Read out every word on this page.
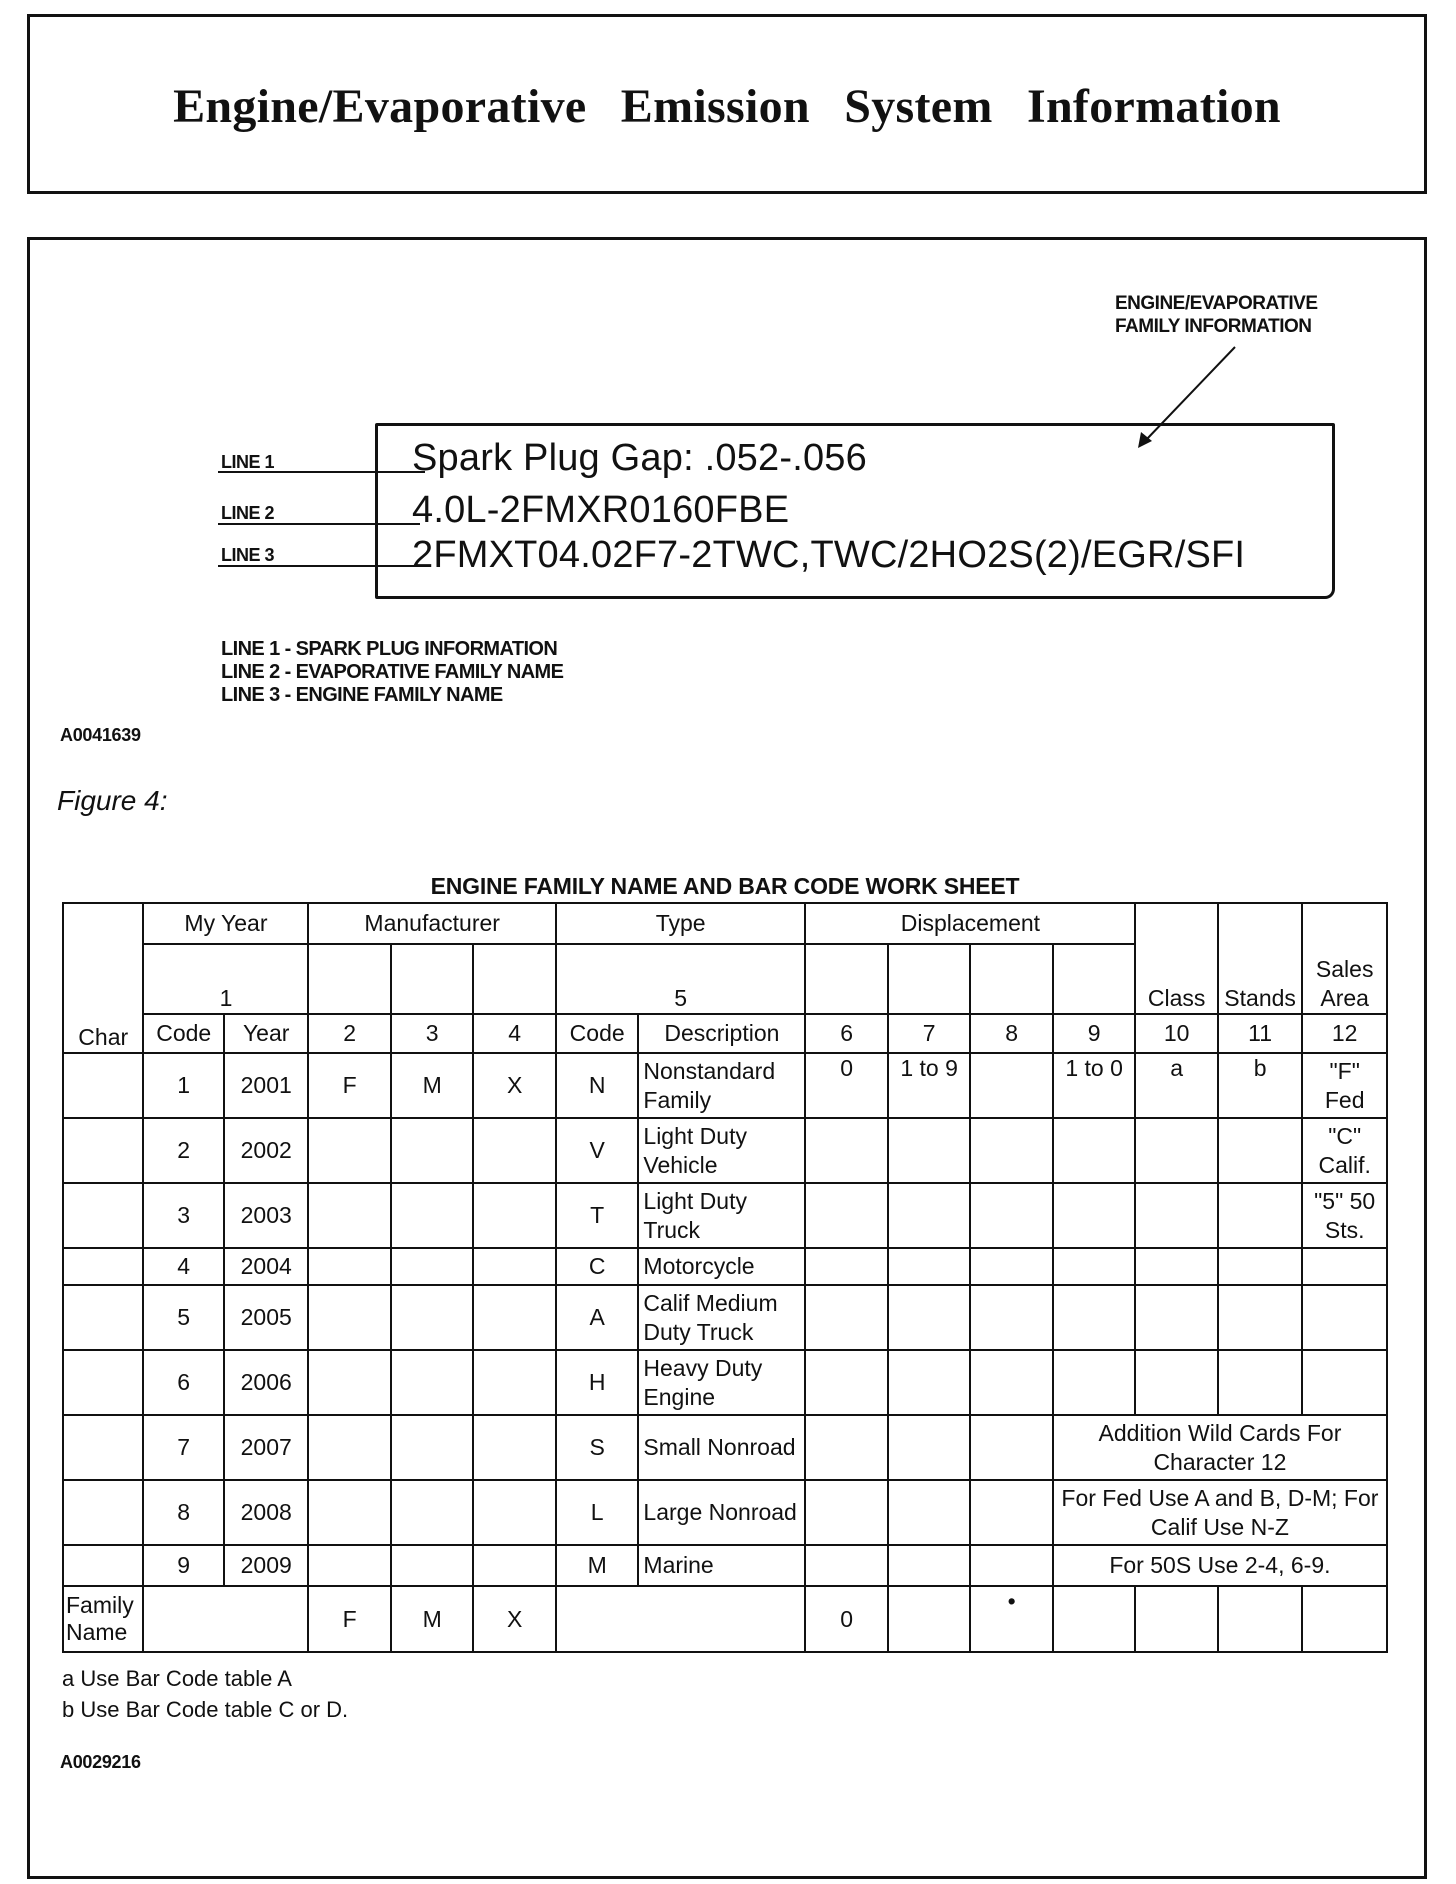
Engine/Evaporative Emission System Information
ENGINE/EVAPORATIVE
FAMILY INFORMATION
Spark Plug Gap: .052-.056
4.0L-2FMXR0160FBE
2FMXT04.02F7-2TWC,TWC/2HO2S(2)/EGR/SFI
LINE 1
LINE 2
LINE 3
LINE 1 - SPARK PLUG INFORMATION
LINE 2 - EVAPORATIVE FAMILY NAME
LINE 3 - ENGINE FAMILY NAME
A0041639
Figure 4:
ENGINE FAMILY NAME AND BAR CODE WORK SHEET
Char	My Year		Manufacturer			Type		Displacement				Class	Stands	Sales Area
	1					5								
	Code	Year	2	3	4	Code	Description	6	7	8	9	10	11	12
	1	2001	F	M	X	N	Nonstandard Family	0	1 to 9		1 to 0	a	b	"F" Fed
	2	2002				V	Light Duty Vehicle							"C" Calif.
	3	2003				T	Light Duty Truck							"5" 50 Sts.
	4	2004				C	Motorcycle							
	5	2005				A	Calif Medium Duty Truck							
	6	2006				H	Heavy Duty Engine							
	7	2007				S	Small Nonroad				Addition Wild Cards For Character 12			
	8	2008				L	Large Nonroad				For Fed Use A and B, D-M; For Calif Use N-Z			
	9	2009				M	Marine				For 50S Use 2-4, 6-9.			
Family Name			F	M	X			0		•				
a Use Bar Code table A
b Use Bar Code table C or D.
A0029216
